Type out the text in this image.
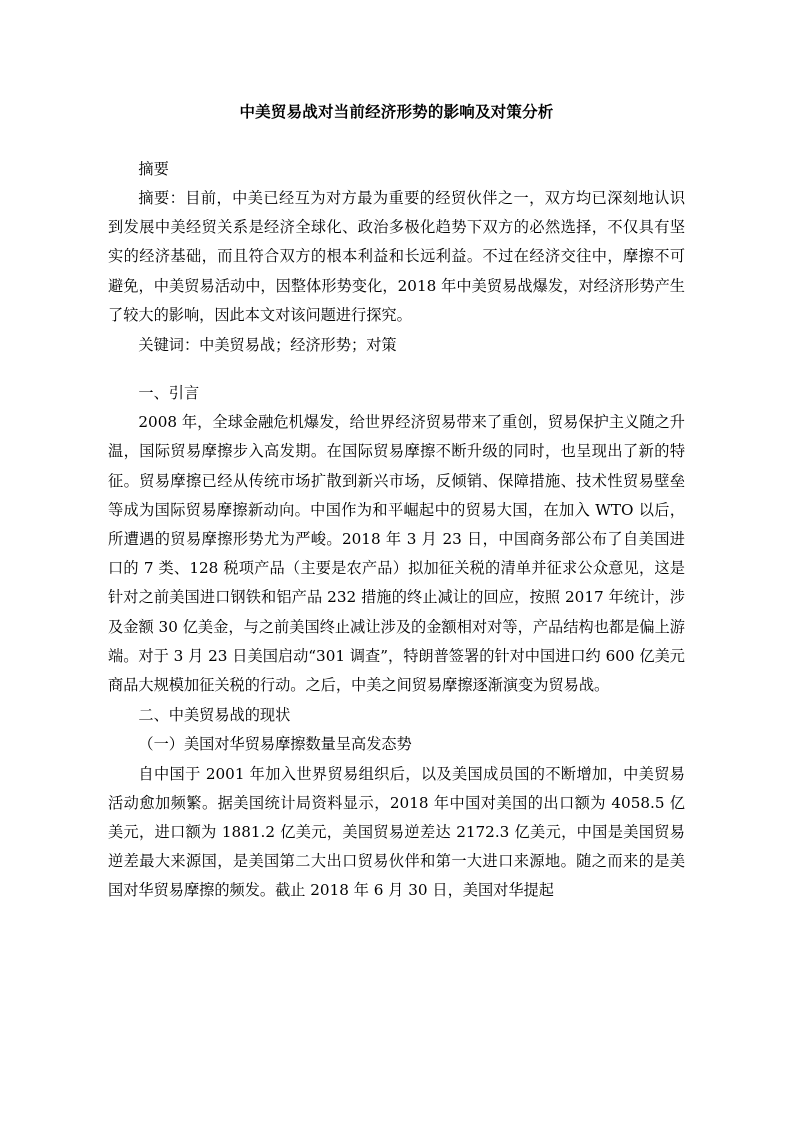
中美贸易战对当前经济形势的影响及对策分析

摘要

摘要：目前，中美已经互为对方最为重要的经贸伙伴之一，双方均已深刻地认识到发展中美经贸关系是经济全球化、政治多极化趋势下双方的必然选择，不仅具有坚实的经济基础，而且符合双方的根本利益和长远利益。不过在经济交往中，摩擦不可避免，中美贸易活动中，因整体形势变化，2018 年中美贸易战爆发，对经济形势产生了较大的影响，因此本文对该问题进行探究。

关键词：中美贸易战；经济形势；对策

一、引言

2008 年，全球金融危机爆发，给世界经济贸易带来了重创，贸易保护主义随之升温，国际贸易摩擦步入高发期。在国际贸易摩擦不断升级的同时，也呈现出了新的特征。贸易摩擦已经从传统市场扩散到新兴市场，反倾销、保障措施、技术性贸易壁垒等成为国际贸易摩擦新动向。中国作为和平崛起中的贸易大国，在加入 WTO 以后，所遭遇的贸易摩擦形势尤为严峻。2018 年 3 月 23 日，中国商务部公布了自美国进口的 7 类、128 税项产品（主要是农产品）拟加征关税的清单并征求公众意见，这是针对之前美国进口钢铁和铝产品 232 措施的终止减让的回应，按照 2017 年统计，涉及金额 30 亿美金，与之前美国终止减让涉及的金额相对对等，产品结构也都是偏上游端。对于 3 月 23 日美国启动“301 调查”，特朗普签署的针对中国进口约 600 亿美元商品大规模加征关税的行动。之后，中美之间贸易摩擦逐渐演变为贸易战。

二、中美贸易战的现状

（一）美国对华贸易摩擦数量呈高发态势

自中国于 2001 年加入世界贸易组织后，以及美国成员国的不断增加，中美贸易活动愈加频繁。据美国统计局资料显示，2018 年中国对美国的出口额为 4058.5 亿美元，进口额为 1881.2 亿美元，美国贸易逆差达 2172.3 亿美元，中国是美国贸易逆差最大来源国，是美国第二大出口贸易伙伴和第一大进口来源地。随之而来的是美国对华贸易摩擦的频发。截止 2018 年 6 月 30 日，美国对华提起
